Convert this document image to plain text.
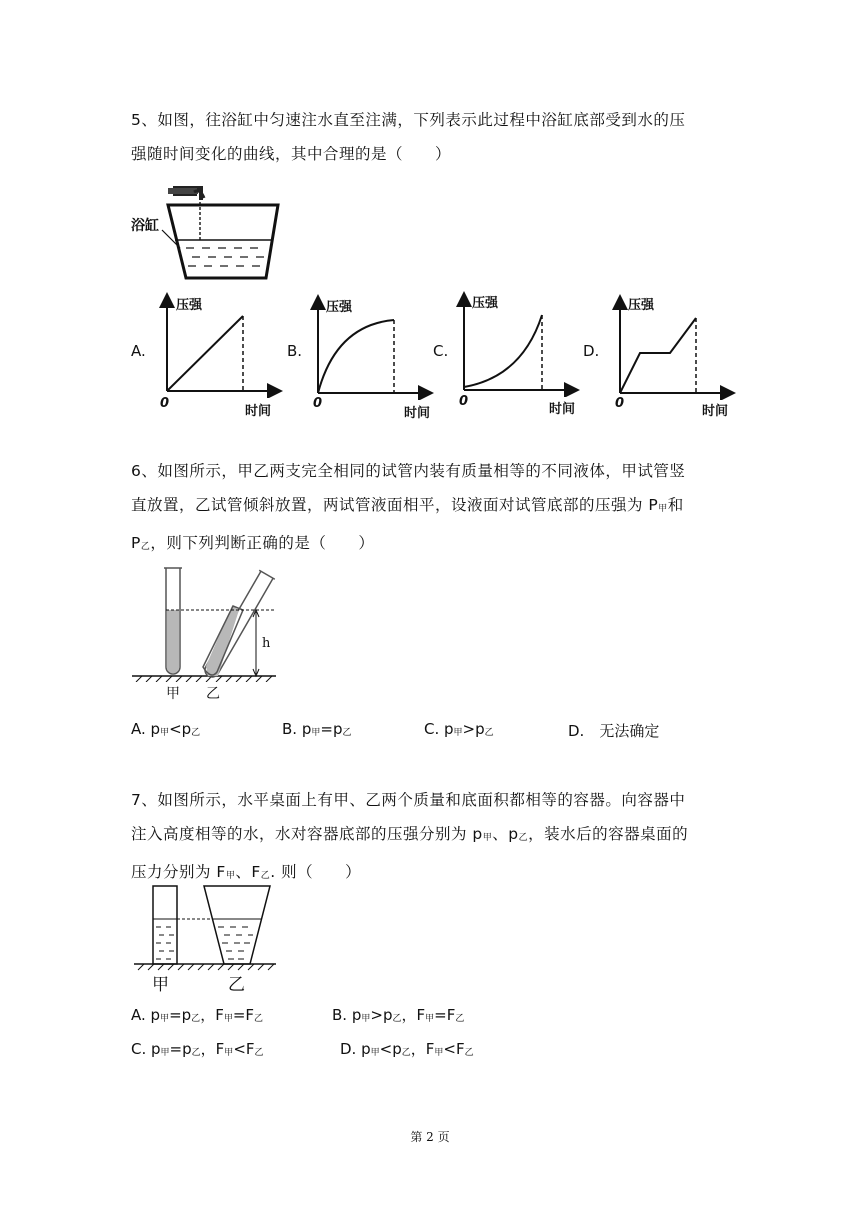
5、如图，往浴缸中匀速注水直至注满，下列表示此过程中浴缸底部受到水的压
强随时间变化的曲线，其中合理的是（　　）
浴缸
A.	B.	C.	D.
压强	压强	压强	压强
时间	时间	时间	时间
0	0	0	0
6、如图所示，甲乙两支完全相同的试管内装有质量相等的不同液体，甲试管竖
直放置，乙试管倾斜放置，两试管液面相平，设液面对试管底部的压强为 P甲和
P乙，则下列判断正确的是（　　）
h
甲 乙
A. p甲<p乙	B. p甲=p乙	C. p甲>p乙	D.　无法确定
7、如图所示，水平桌面上有甲、乙两个质量和底面积都相等的容器。向容器中
注入高度相等的水，水对容器底部的压强分别为 p甲、p乙，装水后的容器桌面的
压力分别为 F甲、F乙. 则（　　）
甲	乙
A. p甲=p乙，F甲=F乙	B. p甲>p乙，F甲=F乙
C. p甲=p乙，F甲<F乙	D. p甲<p乙，F甲<F乙
第 2 页
